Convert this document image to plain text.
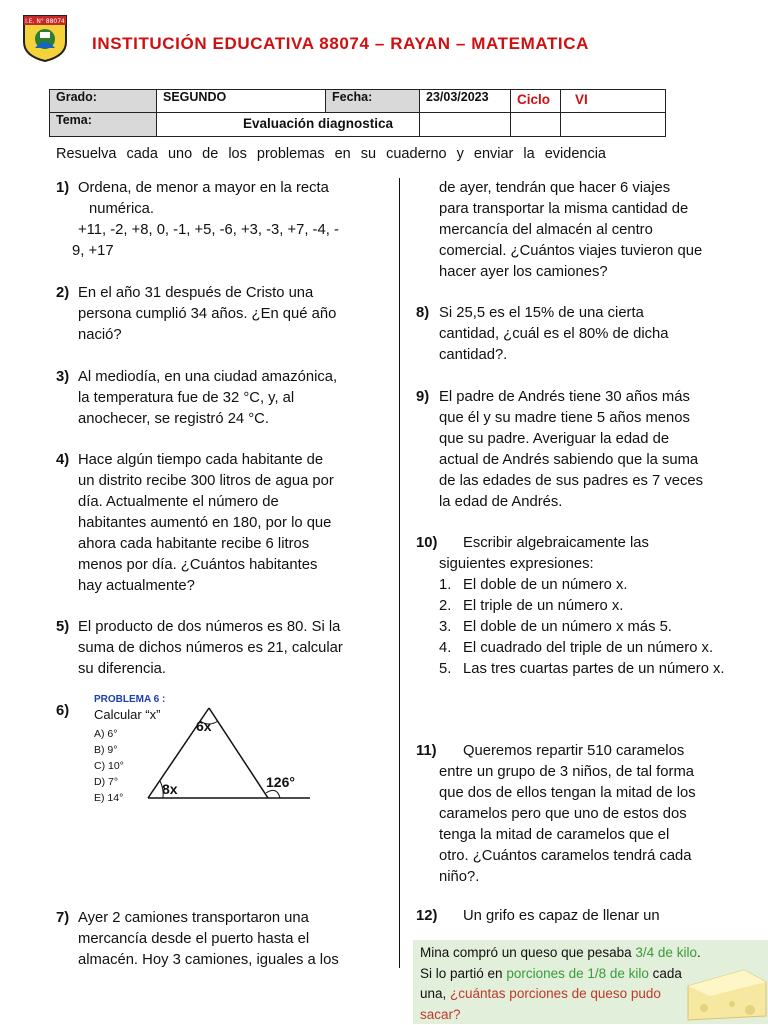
I.E. N° 88074
INSTITUCIÓN EDUCATIVA 88074 – RAYAN – MATEMATICA
Grado:	SEGUNDO	Fecha:	23/03/2023	Ciclo	VI
Tema:	Evaluación diagnostica				
Resuelva cada uno de los problemas en su cuaderno y enviar la evidencia
1) Ordena, de menor a mayor en la recta
numérica.
+11, -2, +8, 0, -1, +5, -6, +3, -3, +7, -4, -
9, +17
2) En el año 31 después de Cristo una
persona cumplió 34 años. ¿En qué año
nació?
3) Al mediodía, en una ciudad amazónica,
la temperatura fue de 32 °C, y, al
anochecer, se registró 24 °C.
4) Hace algún tiempo cada habitante de
un distrito recibe 300 litros de agua por
día. Actualmente el número de
habitantes aumentó en 180, por lo que
ahora cada habitante recibe 6 litros
menos por día. ¿Cuántos habitantes
hay actualmente?
5) El producto de dos números es 80. Si la
suma de dichos números es 21, calcular
su diferencia.
6)
7) Ayer 2 camiones transportaron una
mercancía desde el puerto hasta el
almacén. Hoy 3 camiones, iguales a los
PROBLEMA 6 :
Calcular “x”
A) 6°
B) 9°
C) 10°
D) 7°
E) 14°
6x
8x	126°
de ayer, tendrán que hacer 6 viajes
para transportar la misma cantidad de
mercancía del almacén al centro
comercial. ¿Cuántos viajes tuvieron que
hacer ayer los camiones?
8) Si 25,5 es el 15% de una cierta
cantidad, ¿cuál es el 80% de dicha
cantidad?.
9) El padre de Andrés tiene 30 años más
que él y su madre tiene 5 años menos
que su padre. Averiguar la edad de
actual de Andrés sabiendo que la suma
de las edades de sus padres es 7 veces
la edad de Andrés.
10) Escribir algebraicamente las
siguientes expresiones:
1. El doble de un número x.
2. El triple de un número x.
3. El doble de un número x más 5.
4. El cuadrado del triple de un número x.
5. Las tres cuartas partes de un número x.
11) Queremos repartir 510 caramelos
entre un grupo de 3 niños, de tal forma
que dos de ellos tengan la mitad de los
caramelos pero que uno de estos dos
tenga la mitad de caramelos que el
otro. ¿Cuántos caramelos tendrá cada
niño?.
12) Un grifo es capaz de llenar un
Mina compró un queso que pesaba 3/4 de kilo. Si lo partió en porciones de 1/8 de kilo cada una, ¿cuántas porciones de queso pudo sacar?
